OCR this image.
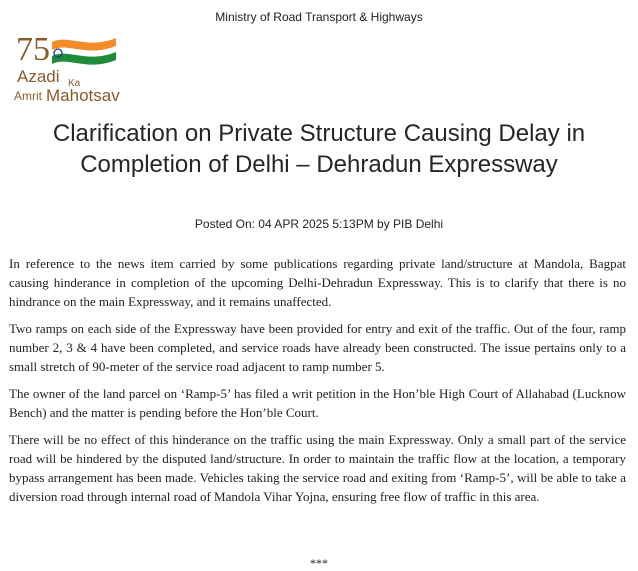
Ministry of Road Transport & Highways
75
Azadi Ka
Amrit Mahotsav
Clarification on Private Structure Causing Delay in Completion of Delhi – Dehradun Expressway
Posted On: 04 APR 2025 5:13PM by PIB Delhi

In reference to the news item carried by some publications regarding private land/structure at Mandola, Bagpat causing hinderance in completion of the upcoming Delhi-Dehradun Expressway. This is to clarify that there is no hindrance on the main Expressway, and it remains unaffected.

Two ramps on each side of the Expressway have been provided for entry and exit of the traffic. Out of the four, ramp number 2, 3 & 4 have been completed, and service roads have already been constructed. The issue pertains only to a small stretch of 90-meter of the service road adjacent to ramp number 5.

The owner of the land parcel on ‘Ramp-5’ has filed a writ petition in the Hon’ble High Court of Allahabad (Lucknow Bench) and the matter is pending before the Hon’ble Court.

There will be no effect of this hinderance on the traffic using the main Expressway. Only a small part of the service road will be hindered by the disputed land/structure. In order to maintain the traffic flow at the location, a temporary bypass arrangement has been made. Vehicles taking the service road and exiting from ‘Ramp-5’, will be able to take a diversion road through internal road of Mandola Vihar Yojna, ensuring free flow of traffic in this area.

***
